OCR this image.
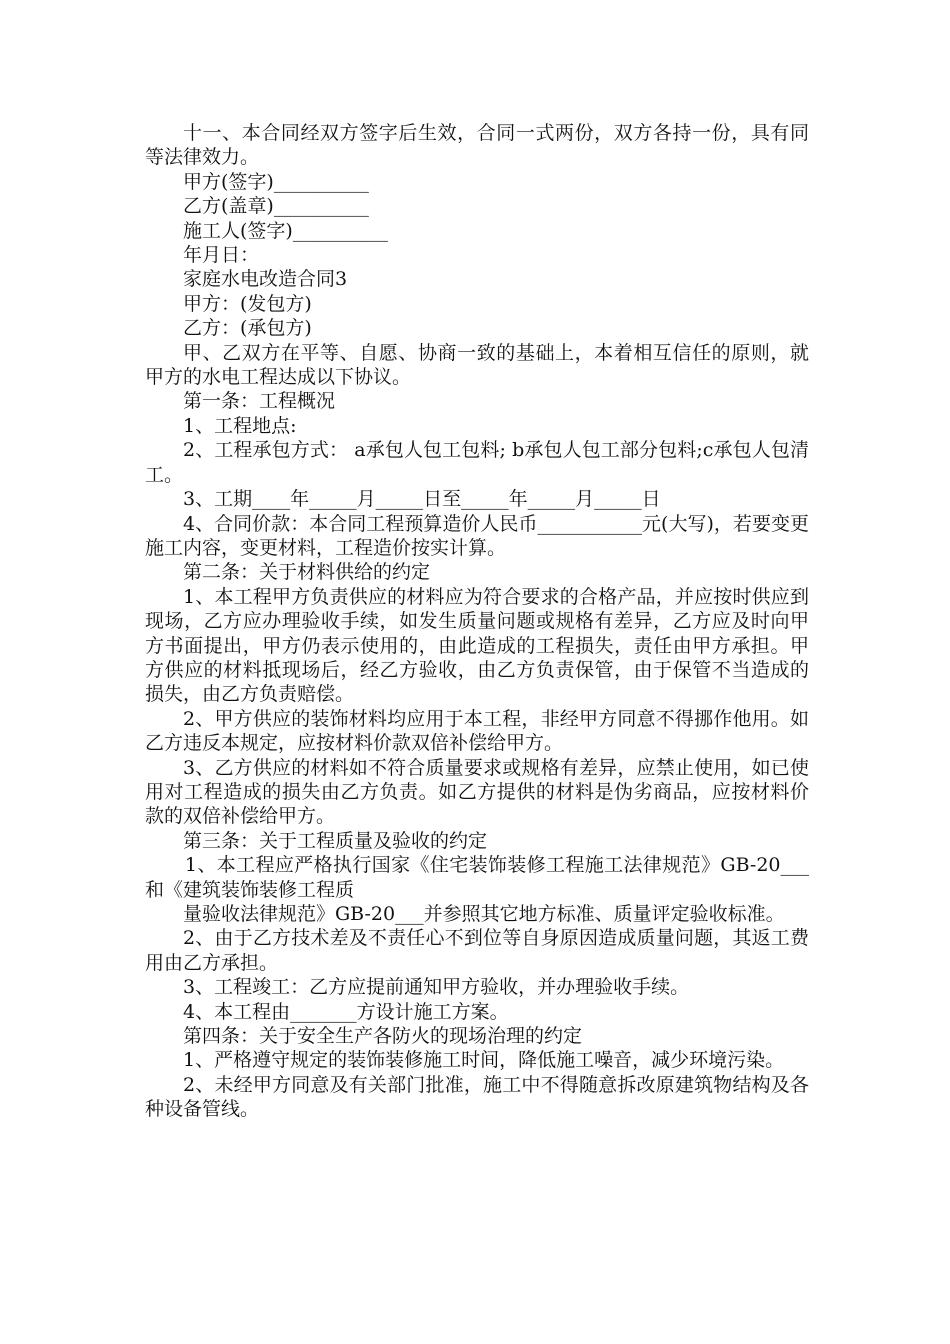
十一、本合同经双方签字后生效，合同一式两份，双方各持一份，具有同等法律效力。

甲方(签字)__________

乙方(盖章)__________

施工人(签字)__________

年月日：

家庭水电改造合同3

甲方：(发包方)

乙方：(承包方)

甲、乙双方在平等、自愿、协商一致的基础上，本着相互信任的原则，就甲方的水电工程达成以下协议。

第一条：工程概况

1、工程地点:

2、工程承包方式： a承包人包工包料; b承包人包工部分包料;c承包人包清工。

3、工期____年_____月_____日至_____年_____月_____日

4、合同价款：本合同工程预算造价人民币___________元(大写)，若要变更施工内容，变更材料，工程造价按实计算。

第二条：关于材料供给的约定

1、本工程甲方负责供应的材料应为符合要求的合格产品，并应按时供应到现场，乙方应办理验收手续，如发生质量问题或规格有差异，乙方应及时向甲方书面提出，甲方仍表示使用的，由此造成的工程损失，责任由甲方承担。甲方供应的材料抵现场后，经乙方验收，由乙方负责保管，由于保管不当造成的损失，由乙方负责赔偿。

2、甲方供应的装饰材料均应用于本工程，非经甲方同意不得挪作他用。如乙方违反本规定，应按材料价款双倍补偿给甲方。

3、乙方供应的材料如不符合质量要求或规格有差异，应禁止使用，如已使用对工程造成的损失由乙方负责。如乙方提供的材料是伪劣商品，应按材料价款的双倍补偿给甲方。

第三条：关于工程质量及验收的约定

1、本工程应严格执行国家《住宅装饰装修工程施工法律规范》GB-20___和《建筑装饰装修工程质

量验收法律规范》GB-20___并参照其它地方标准、质量评定验收标准。

2、由于乙方技术差及不责任心不到位等自身原因造成质量问题，其返工费用由乙方承担。

3、工程竣工：乙方应提前通知甲方验收，并办理验收手续。

4、本工程由_______方设计施工方案。

第四条：关于安全生产各防火的现场治理的约定

1、严格遵守规定的装饰装修施工时间，降低施工噪音，减少环境污染。

2、未经甲方同意及有关部门批准，施工中不得随意拆改原建筑物结构及各种设备管线。
